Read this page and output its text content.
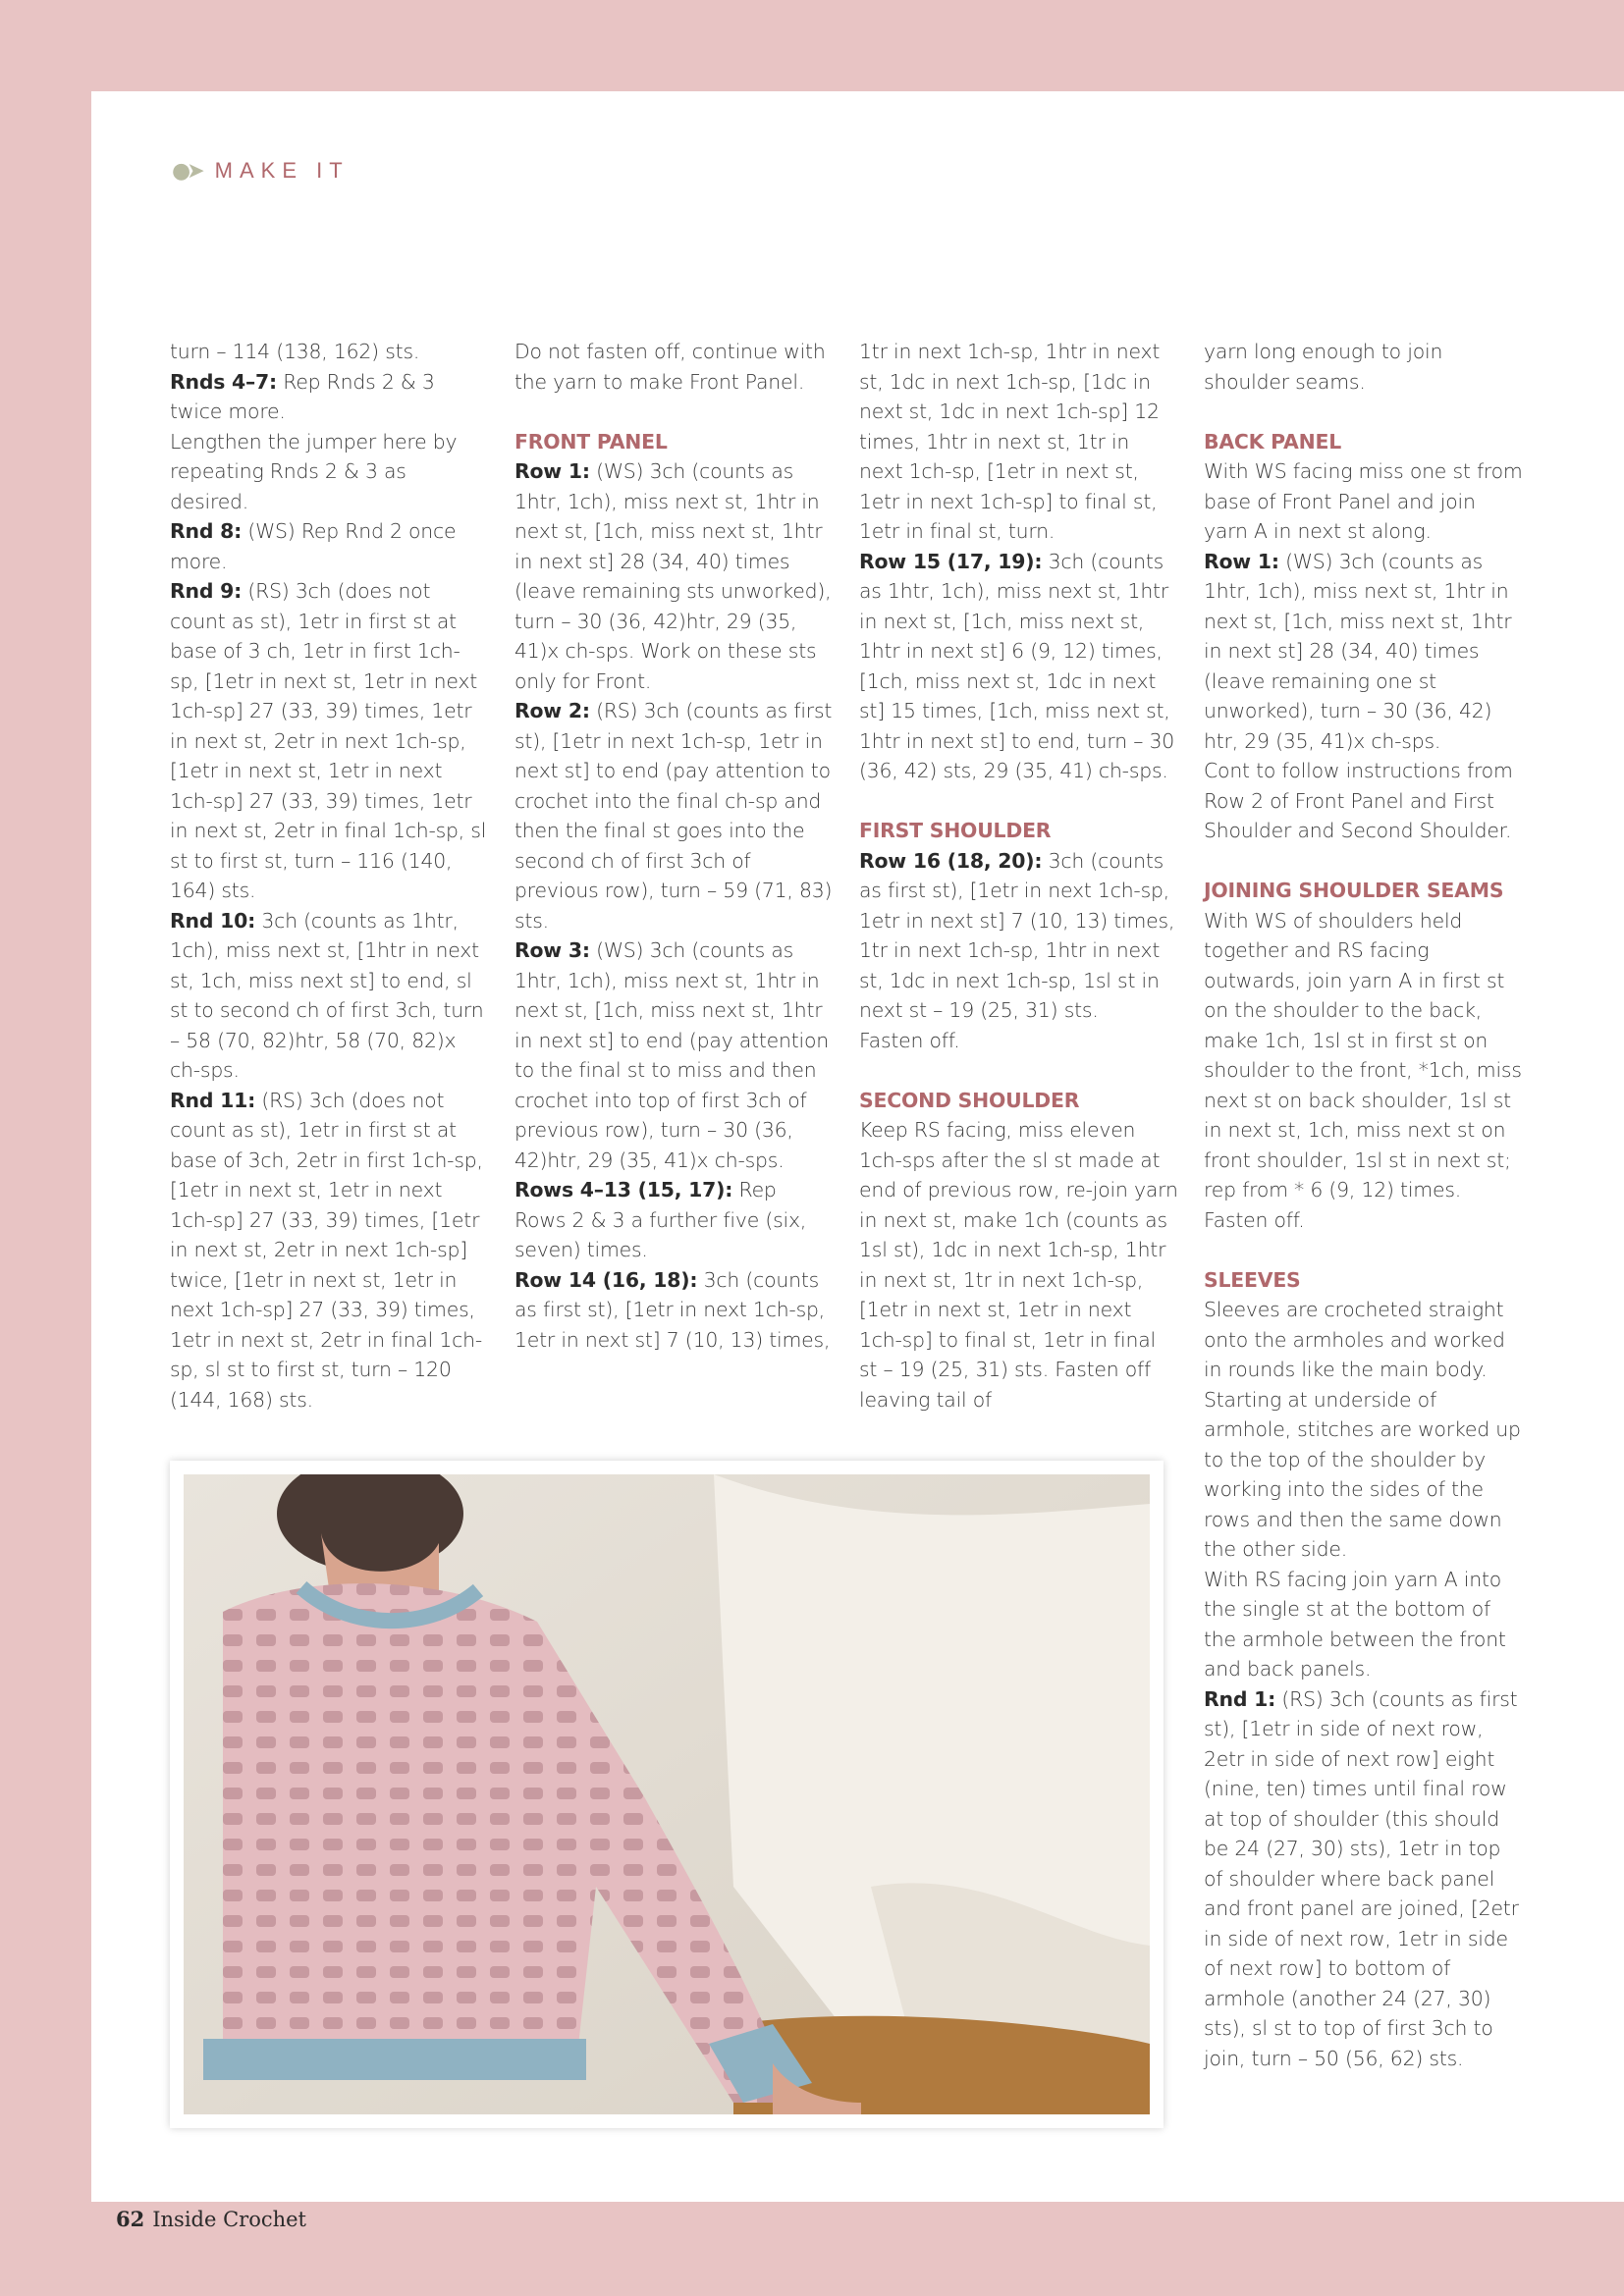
●➤ MAKE IT

turn – 114 (138, 162) sts.

Rnds 4–7: Rep Rnds 2 & 3 twice more.

Lengthen the jumper here by repeating Rnds 2 & 3 as desired.

Rnd 8: (WS) Rep Rnd 2 once more.

Rnd 9: (RS) 3ch (does not count as st), 1etr in first st at base of 3 ch, 1etr in first 1ch-sp, [1etr in next st, 1etr in next 1ch-sp] 27 (33, 39) times, 1etr in next st, 2etr in next 1ch-sp, [1etr in next st, 1etr in next 1ch-sp] 27 (33, 39) times, 1etr in next st, 2etr in final 1ch-sp, sl st to first st, turn – 116 (140, 164) sts.

Rnd 10: 3ch (counts as 1htr, 1ch), miss next st, [1htr in next st, 1ch, miss next st] to end, sl st to second ch of first 3ch, turn – 58 (70, 82)htr, 58 (70, 82)x ch-sps.

Rnd 11: (RS) 3ch (does not count as st), 1etr in first st at base of 3ch, 2etr in first 1ch-sp, [1etr in next st, 1etr in next 1ch-sp] 27 (33, 39) times, [1etr in next st, 2etr in next 1ch-sp] twice, [1etr in next st, 1etr in next 1ch-sp] 27 (33, 39) times, 1etr in next st, 2etr in final 1ch-sp, sl st to first st, turn – 120 (144, 168) sts.

Do not fasten off, continue with the yarn to make Front Panel.

FRONT PANEL

Row 1: (WS) 3ch (counts as 1htr, 1ch), miss next st, 1htr in next st, [1ch, miss next st, 1htr in next st] 28 (34, 40) times (leave remaining sts unworked), turn – 30 (36, 42)htr, 29 (35, 41)x ch-sps. Work on these sts only for Front.

Row 2: (RS) 3ch (counts as first st), [1etr in next 1ch-sp, 1etr in next st] to end (pay attention to crochet into the final ch-sp and then the final st goes into the second ch of first 3ch of previous row), turn – 59 (71, 83) sts.

Row 3: (WS) 3ch (counts as 1htr, 1ch), miss next st, 1htr in next st, [1ch, miss next st, 1htr in next st] to end (pay attention to the final st to miss and then crochet into top of first 3ch of previous row), turn – 30 (36, 42)htr, 29 (35, 41)x ch-sps.

Rows 4–13 (15, 17): Rep Rows 2 & 3 a further five (six, seven) times.

Row 14 (16, 18): 3ch (counts as first st), [1etr in next 1ch-sp, 1etr in next st] 7 (10, 13) times,

1tr in next 1ch-sp, 1htr in next st, 1dc in next 1ch-sp, [1dc in next st, 1dc in next 1ch-sp] 12 times, 1htr in next st, 1tr in next 1ch-sp, [1etr in next st, 1etr in next 1ch-sp] to final st, 1etr in final st, turn.

Row 15 (17, 19): 3ch (counts as 1htr, 1ch), miss next st, 1htr in next st, [1ch, miss next st, 1htr in next st] 6 (9, 12) times, [1ch, miss next st, 1dc in next st] 15 times, [1ch, miss next st, 1htr in next st] to end, turn – 30 (36, 42) sts, 29 (35, 41) ch-sps.

FIRST SHOULDER

Row 16 (18, 20): 3ch (counts as first st), [1etr in next 1ch-sp, 1etr in next st] 7 (10, 13) times, 1tr in next 1ch-sp, 1htr in next st, 1dc in next 1ch-sp, 1sl st in next st – 19 (25, 31) sts.

Fasten off.

SECOND SHOULDER

Keep RS facing, miss eleven 1ch-sps after the sl st made at end of previous row, re-join yarn in next st, make 1ch (counts as 1sl st), 1dc in next 1ch-sp, 1htr in next st, 1tr in next 1ch-sp, [1etr in next st, 1etr in next 1ch-sp] to final st, 1etr in final st – 19 (25, 31) sts. Fasten off leaving tail of

yarn long enough to join shoulder seams.

BACK PANEL

With WS facing miss one st from base of Front Panel and join yarn A in next st along.

Row 1: (WS) 3ch (counts as 1htr, 1ch), miss next st, 1htr in next st, [1ch, miss next st, 1htr in next st] 28 (34, 40) times (leave remaining one st unworked), turn – 30 (36, 42) htr, 29 (35, 41)x ch-sps.

Cont to follow instructions from Row 2 of Front Panel and First Shoulder and Second Shoulder.

JOINING SHOULDER SEAMS

With WS of shoulders held together and RS facing outwards, join yarn A in first st on the shoulder to the back, make 1ch, 1sl st in first st on shoulder to the front, *1ch, miss next st on back shoulder, 1sl st in next st, 1ch, miss next st on front shoulder, 1sl st in next st; rep from * 6 (9, 12) times.

Fasten off.

SLEEVES

Sleeves are crocheted straight onto the armholes and worked in rounds like the main body. Starting at underside of armhole, stitches are worked up to the top of the shoulder by working into the sides of the rows and then the same down the other side.

With RS facing join yarn A into the single st at the bottom of the armhole between the front and back panels.

Rnd 1: (RS) 3ch (counts as first st), [1etr in side of next row, 2etr in side of next row] eight (nine, ten) times until final row at top of shoulder (this should be 24 (27, 30) sts), 1etr in top of shoulder where back panel and front panel are joined, [2etr in side of next row, 1etr in side of next row] to bottom of armhole (another 24 (27, 30) sts), sl st to top of first 3ch to join, turn – 50 (56, 62) sts.

62 Inside Crochet
